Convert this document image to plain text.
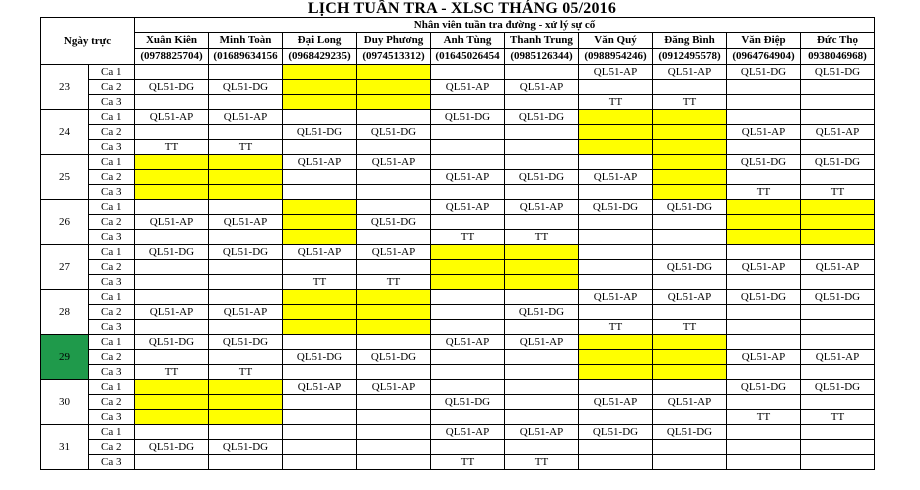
LỊCH TUẦN TRA - XLSC THÁNG 05/2016
Ngày trực		Nhân viên tuần tra đường - xử lý sự cố									
		Xuân Kiên	Minh Toàn	Đại Long	Duy Phương	Anh Tùng	Thanh Trung	Văn Quý	Đăng Bình	Văn Điệp	Đức Thọ
		(0978825704)	(01689634156	(0968429235)	(0974513312)	(01645026454	(0985126344)	(0988954246)	(0912495578)	(0964764904)	0938046968)
23	Ca 1							QL51-AP	QL51-AP	QL51-DG	QL51-DG
	Ca 2	QL51-DG	QL51-DG			QL51-AP	QL51-AP				
	Ca 3							TT	TT		
24	Ca 1	QL51-AP	QL51-AP			QL51-DG	QL51-DG				
	Ca 2			QL51-DG	QL51-DG					QL51-AP	QL51-AP
	Ca 3	TT	TT								
25	Ca 1			QL51-AP	QL51-AP					QL51-DG	QL51-DG
	Ca 2					QL51-AP	QL51-DG	QL51-AP			
	Ca 3									TT	TT
26	Ca 1					QL51-AP	QL51-AP	QL51-DG	QL51-DG		
	Ca 2	QL51-AP	QL51-AP		QL51-DG						
	Ca 3					TT	TT				
27	Ca 1	QL51-DG	QL51-DG	QL51-AP	QL51-AP						
	Ca 2								QL51-DG	QL51-AP	QL51-AP
	Ca 3			TT	TT						
28	Ca 1							QL51-AP	QL51-AP	QL51-DG	QL51-DG
	Ca 2	QL51-AP	QL51-AP				QL51-DG				
	Ca 3							TT	TT		
29	Ca 1	QL51-DG	QL51-DG			QL51-AP	QL51-AP				
	Ca 2			QL51-DG	QL51-DG					QL51-AP	QL51-AP
	Ca 3	TT	TT								
30	Ca 1			QL51-AP	QL51-AP					QL51-DG	QL51-DG
	Ca 2					QL51-DG		QL51-AP	QL51-AP		
	Ca 3									TT	TT
31	Ca 1					QL51-AP	QL51-AP	QL51-DG	QL51-DG		
	Ca 2	QL51-DG	QL51-DG								
	Ca 3					TT	TT				
